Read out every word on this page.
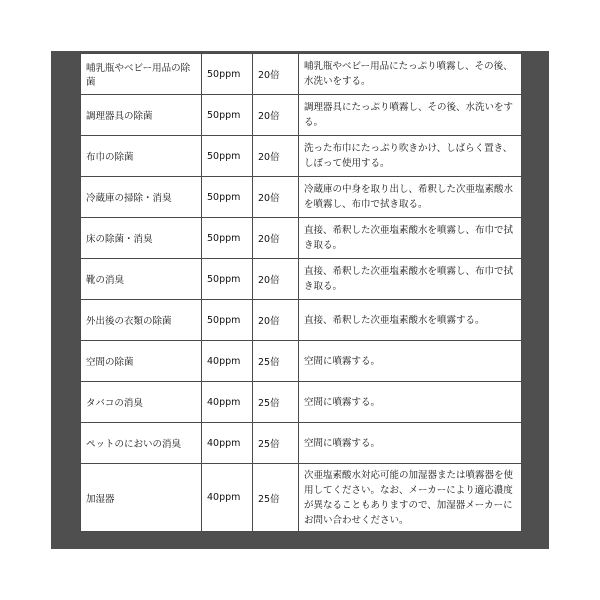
哺乳瓶やベビー用品の除菌	50ppm	20倍	哺乳瓶やベビー用品にたっぷり噴霧し、その後、水洗いをする。
調理器具の除菌	50ppm	20倍	調理器具にたっぷり噴霧し、その後、水洗いをする。
布巾の除菌	50ppm	20倍	洗った布巾にたっぷり吹きかけ、しばらく置き、しぼって使用する。
冷蔵庫の掃除・消臭	50ppm	20倍	冷蔵庫の中身を取り出し、希釈した次亜塩素酸水を噴霧し、布巾で拭き取る。
床の除菌・消臭	50ppm	20倍	直接、希釈した次亜塩素酸水を噴霧し、布巾で拭き取る。
靴の消臭	50ppm	20倍	直接、希釈した次亜塩素酸水を噴霧し、布巾で拭き取る。
外出後の衣類の除菌	50ppm	20倍	直接、希釈した次亜塩素酸水を噴霧する。
空間の除菌	40ppm	25倍	空間に噴霧する。
タバコの消臭	40ppm	25倍	空間に噴霧する。
ペットのにおいの消臭	40ppm	25倍	空間に噴霧する。
加湿器	40ppm	25倍	次亜塩素酸水対応可能の加湿器または噴霧器を使用してください。なお、メーカーにより適応濃度が異なることもありますので、加湿器メーカーにお問い合わせください。
